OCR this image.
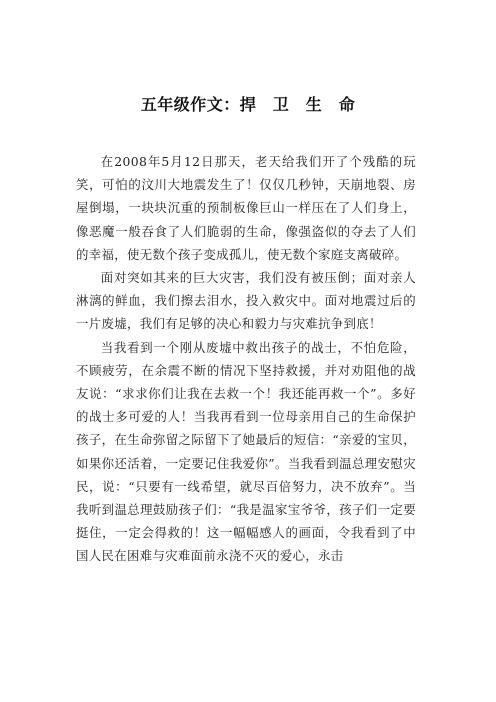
五年级作文：捍　卫　生　命

在2008年5月12日那天，老天给我们开了个残酷的玩笑，可怕的汶川大地震发生了！仅仅几秒钟，天崩地裂、房屋倒塌，一块块沉重的预制板像巨山一样压在了人们身上，像恶魔一般吞食了人们脆弱的生命，像强盗似的夺去了人们的幸福，使无数个孩子变成孤儿，使无数个家庭支离破碎。

面对突如其来的巨大灾害，我们没有被压倒；面对亲人淋漓的鲜血，我们擦去泪水，投入救灾中。面对地震过后的一片废墟，我们有足够的决心和毅力与灾难抗争到底！

当我看到一个刚从废墟中救出孩子的战士，不怕危险，不顾疲劳，在余震不断的情况下坚持救援，并对劝阻他的战友说：“求求你们让我在去救一个！我还能再救一个”。多好的战士多可爱的人！当我再看到一位母亲用自己的生命保护孩子，在生命弥留之际留下了她最后的短信：“亲爱的宝贝，如果你还活着，一定要记住我爱你”。当我看到温总理安慰灾民，说：“只要有一线希望，就尽百倍努力，决不放弃”。当我听到温总理鼓励孩子们：“我是温家宝爷爷，孩子们一定要挺住，一定会得救的！这一幅幅感人的画面，令我看到了中国人民在困难与灾难面前永浇不灭的爱心，永击
